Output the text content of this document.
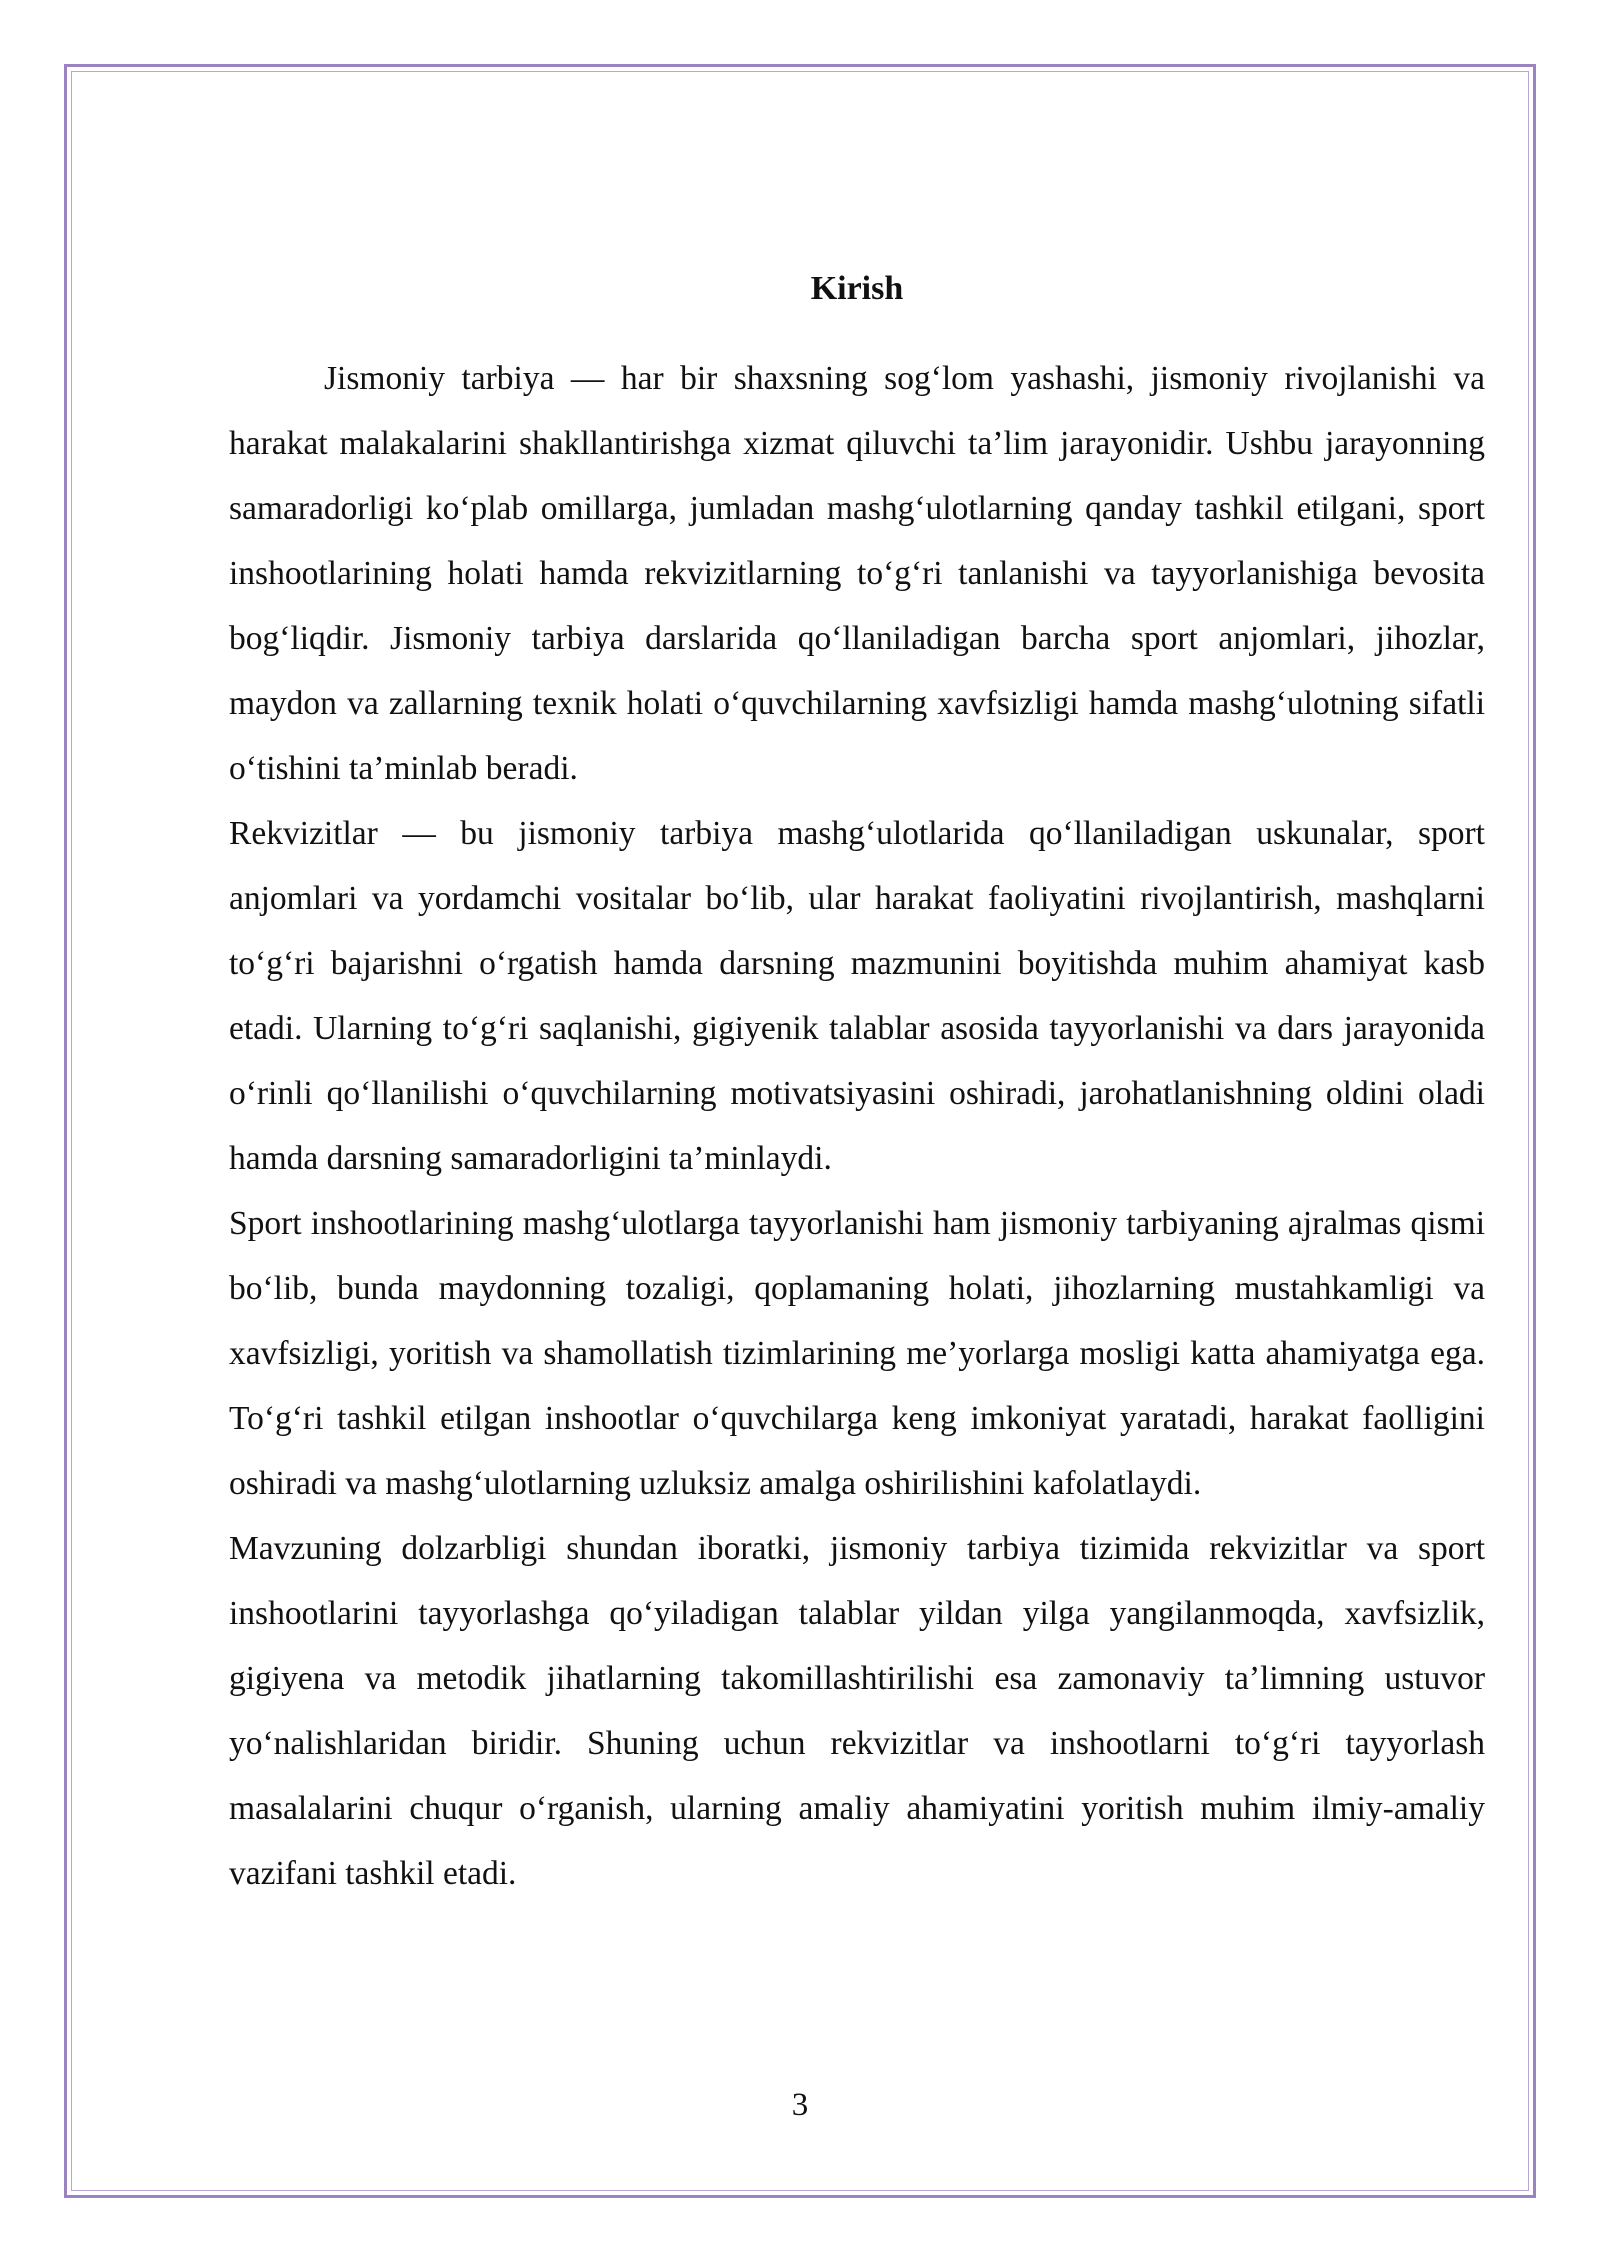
Kirish

Jismoniy tarbiya — har bir shaxsning sog‘lom yashashi, jismoniy rivojlanishi va harakat malakalarini shakllantirishga xizmat qiluvchi ta’lim jarayonidir. Ushbu jarayonning samaradorligi ko‘plab omillarga, jumladan mashg‘ulotlarning qanday tashkil etilgani, sport inshootlarining holati hamda rekvizitlarning to‘g‘ri tanlanishi va tayyorlanishiga bevosita bog‘liqdir. Jismoniy tarbiya darslarida qo‘llaniladigan barcha sport anjomlari, jihozlar, maydon va zallarning texnik holati o‘quvchilarning xavfsizligi hamda mashg‘ulotning sifatli o‘tishini ta’minlab beradi.

Rekvizitlar — bu jismoniy tarbiya mashg‘ulotlarida qo‘llaniladigan uskunalar, sport anjomlari va yordamchi vositalar bo‘lib, ular harakat faoliyatini rivojlantirish, mashqlarni to‘g‘ri bajarishni o‘rgatish hamda darsning mazmunini boyitishda muhim ahamiyat kasb etadi. Ularning to‘g‘ri saqlanishi, gigiyenik talablar asosida tayyorlanishi va dars jarayonida o‘rinli qo‘llanilishi o‘quvchilarning motivatsiyasini oshiradi, jarohatlanishning oldini oladi hamda darsning samaradorligini ta’minlaydi.

Sport inshootlarining mashg‘ulotlarga tayyorlanishi ham jismoniy tarbiyaning ajralmas qismi bo‘lib, bunda maydonning tozaligi, qoplamaning holati, jihozlarning mustahkamligi va xavfsizligi, yoritish va shamollatish tizimlarining me’yorlarga mosligi katta ahamiyatga ega. To‘g‘ri tashkil etilgan inshootlar o‘quvchilarga keng imkoniyat yaratadi, harakat faolligini oshiradi va mashg‘ulotlarning uzluksiz amalga oshirilishini kafolatlaydi.

Mavzuning dolzarbligi shundan iboratki, jismoniy tarbiya tizimida rekvizitlar va sport inshootlarini tayyorlashga qo‘yiladigan talablar yildan yilga yangilanmoqda, xavfsizlik, gigiyena va metodik jihatlarning takomillashtirilishi esa zamonaviy ta’limning ustuvor yo‘nalishlaridan biridir. Shuning uchun rekvizitlar va inshootlarni to‘g‘ri tayyorlash masalalarini chuqur o‘rganish, ularning amaliy ahamiyatini yoritish muhim ilmiy-amaliy vazifani tashkil etadi.

3
